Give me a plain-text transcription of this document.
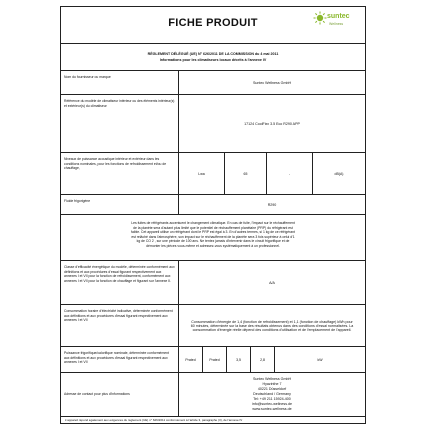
FICHE PRODUIT
suntec
Wellness
RÈGLEMENT DÉLÉGUÉ (UE) N° 626/2011 DE LA COMMISSION du 4 mai 2011
Informations pour les climatiseurs locaux décrits à l'annexe IV
Nom du fournisseur ou marque
Suntec Wellness GmbH
Référence du modèle de climatiseur intérieur ou des éléments intérieur(s) et extérieur(s) du climatiseur
17124 CoolFixx 3.5 Eco R290 APP
Niveaux de puissance acoustique intérieur et extérieur dans les conditions nominales, pour les fonctions de refroidissement et/ou de chauffage,
Lwa	65	-	dB(A)
Fluide frigorigène
R290
Les fuites de réfrigérants accentuent le changement climatique. En cas de fuite, l'impact sur le réchauffement de la planète sera d'autant plus limité que le potentiel de réchauffement planétaire (PRP) du réfrigérant est faible. Cet appareil utilise un réfrigérant dont le PRP est égal à 3. En d'autres termes, si 1 kg de ce réfrigérant est relâché dans l'atmosphère, son impact sur le réchauffement de la planète sera 3 fois supérieur à celui d'1 kg de CO 2 , sur une période de 100 ans. Ne tentez jamais d'intervenir dans le circuit frigorifique et de démonter les pièces vous-même et adressez-vous systématiquement à un professionnel.
Classe d'efficacité énergétique du modèle, déterminée conformément aux définitions et aux procédures d'essai figurant respectivement aux annexes I et VII pour la fonction de refroidissement, conformément aux annexes I et VII pour la fonction de chauffage et figurant sur l'annexe II.	A/A
Consommation horaire d'électricité indicative, déterminée conformément aux définitions et aux procédures d'essai figurant respectivement aux annexes I et VII	Consommation d'énergie de 1,4 (fonction de refroidissement) et 1,1 (fonction de chauffage) kWh pour 60 minutes, déterminée sur la base des résultats obtenus dans des conditions d'essai normalisées. La consommation d'énergie réelle dépend des conditions d'utilisation et de l'emplacement de l'appareil.
Puissance frigorifique/calorifique nominale, déterminée conformément aux définitions et aux procédures d'essai figurant respectivement aux annexes I et VII
Prated	Prated	3,5	2,8	kW
Adresse de contact pour plus d'informations
Suntec Wellness GmbH
Hyazinthe 7
40221 Düsseldorf
Deutschland / Germany
Tel: +49 211 15924-400
info@suntec-wellness.de
www.suntec-wellness.de
L'appareil répond également aux exigences du règlement (UE) n° 626/2011 conformément à l'article 3, paragraphe (3), de l'annexe IV
